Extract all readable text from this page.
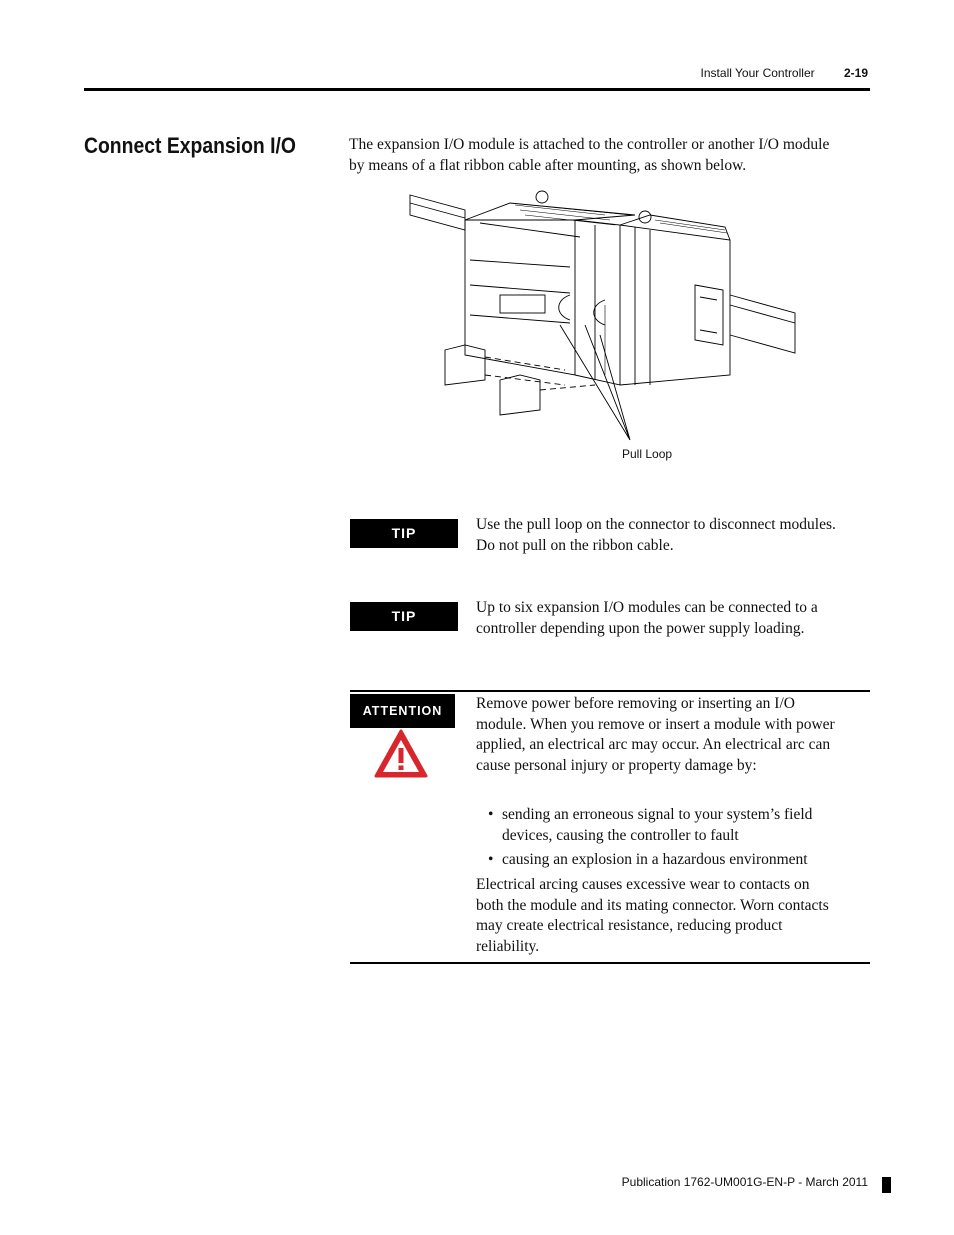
Install Your Controller 2-19
Connect Expansion I/O	The expansion I/O module is attached to the controller or another I/O module by means of a flat ribbon cable after mounting, as shown below.

Pull Loop
TIP	Use the pull loop on the connector to disconnect modules. Do not pull on the ribbon cable.

TIP	Up to six expansion I/O modules can be connected to a controller depending upon the power supply loading.

ATTENTION	Remove power before removing or inserting an I/O module. When you remove or insert a module with power applied, an electrical arc may occur. An electrical arc can cause personal injury or property damage by:

• sending an erroneous signal to your system’s field devices, causing the controller to fault
• causing an explosion in a hazardous environment

Electrical arcing causes excessive wear to contacts on both the module and its mating connector. Worn contacts may create electrical resistance, reducing product reliability.

Publication 1762-UM001G-EN-P - March 2011
